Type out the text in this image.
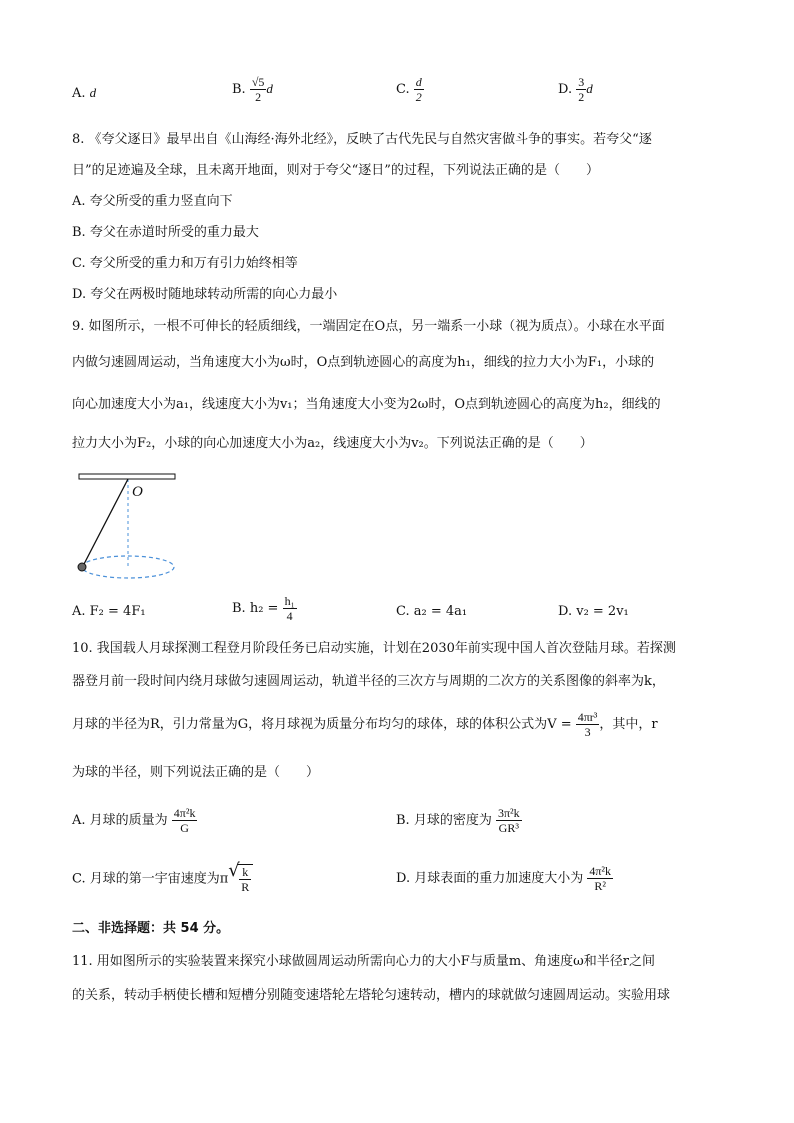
A. d	B. $\frac{√5}{2}$ d	C. $\frac{d}{2}$	D. $\frac{3}{2}$ d
8. 《夸父逐日》最早出自《山海经·海外北经》，反映了古代先民与自然灾害做斗争的事实。若夸父“逐
日”的足迹遍及全球，且未离开地面，则对于夸父“逐日”的过程，下列说法正确的是（　　）
A. 夸父所受的重力竖直向下
B. 夸父在赤道时所受的重力最大
C. 夸父所受的重力和万有引力始终相等
D. 夸父在两极时随地球转动所需的向心力最小
9. 如图所示，一根不可伸长的轻质细线，一端固定在O点，另一端系一小球（视为质点）。小球在水平面
内做匀速圆周运动，当角速度大小为ω时，O点到轨迹圆心的高度为h₁，细线的拉力大小为F₁，小球的
向心加速度大小为a₁，线速度大小为v₁；当角速度大小变为2ω时，O点到轨迹圆心的高度为h₂，细线的
拉力大小为F₂，小球的向心加速度大小为a₂，线速度大小为v₂。下列说法正确的是（　　）
O
A. F₂ = 4F₁	B. $h_2 = \frac{\text{h₁}}{4}$	C. a₂ = 4a₁	D. v₂ = 2v₁
10. 我国载人月球探测工程登月阶段任务已启动实施，计划在2030年前实现中国人首次登陆月球。若探测
器登月前一段时间内绕月球做匀速圆周运动，轨道半径的三次方与周期的二次方的关系图像的斜率为k，
月球的半径为R，引力常量为G，将月球视为质量分布均匀的球体，球的体积公式为$V = \frac{\text{4πr³}}{3}$ ，其中，r
为球的半径，则下列说法正确的是（　　）
A. 月球的质量为 $\frac{\text{4π²k}}{G}$	B. 月球的密度为 $\frac{\text{3π²k}}{\text{GR³}}$
C. 月球的第一宇宙速度为π √ $\frac{k}{R}$	D. 月球表面的重力加速度大小为 $\frac{\text{4π²k}}{\text{R²}}$
二、非选择题：共 54 分。
11. 用如图所示的实验装置来探究小球做圆周运动所需向心力的大小F与质量m、角速度ω和半径r之间
的关系，转动手柄使长槽和短槽分别随变速塔轮左塔轮匀速转动，槽内的球就做匀速圆周运动。实验用球
